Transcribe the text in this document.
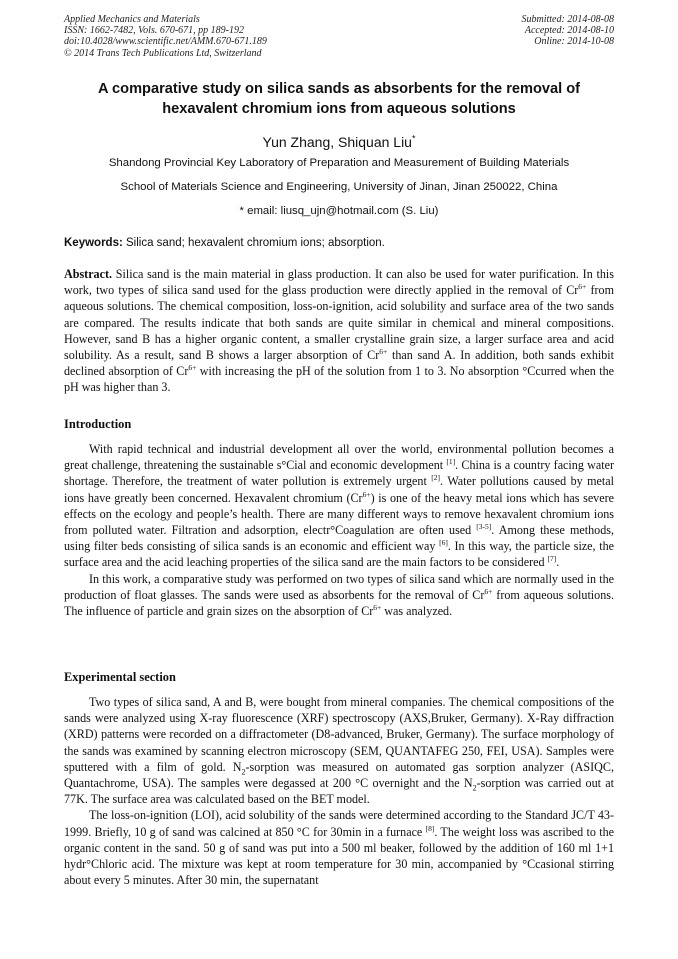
Applied Mechanics and Materials
ISSN: 1662-7482, Vols. 670-671, pp 189-192
doi:10.4028/www.scientific.net/AMM.670-671.189
© 2014 Trans Tech Publications Ltd, Switzerland
Submitted: 2014-08-08
Accepted: 2014-08-10
Online: 2014-10-08
A comparative study on silica sands as absorbents for the removal of
hexavalent chromium ions from aqueous solutions
Yun Zhang, Shiquan Liu*
Shandong Provincial Key Laboratory of Preparation and Measurement of Building Materials
School of Materials Science and Engineering, University of Jinan, Jinan 250022, China
* email: liusq_ujn@hotmail.com (S. Liu)
Keywords: Silica sand; hexavalent chromium ions; absorption.

Abstract. Silica sand is the main material in glass production. It can also be used for water purification. In this work, two types of silica sand used for the glass production were directly applied in the removal of $Cr^{6+}$ from aqueous solutions. The chemical composition, loss-on-ignition, acid solubility and surface area of the two sands are compared. The results indicate that both sands are quite similar in chemical and mineral compositions. However, sand B has a higher organic content, a smaller crystalline grain size, a larger surface area and acid solubility. As a result, sand B shows a larger absorption of $Cr^{6+}$ than sand A. In addition, both sands exhibit declined absorption of $Cr^{6+}$ with increasing the pH of the solution from 1 to 3. No absorption °Ccurred when the pH was higher than 3.

Introduction

With rapid technical and industrial development all over the world, environmental pollution becomes a great challenge, threatening the sustainable s°Cial and economic development [1]. China is a country facing water shortage. Therefore, the treatment of water pollution is extremely urgent [2]. Water pollutions caused by metal ions have greatly been concerned. Hexavalent chromium $(Cr^{6+})$ is one of the heavy metal ions which has severe effects on the ecology and people’s health. There are many different ways to remove hexavalent chromium ions from polluted water. Filtration and adsorption, electr°Coagulation are often used [3-5]. Among these methods, using filter beds consisting of silica sands is an economic and efficient way [6]. In this way, the particle size, the surface area and the acid leaching properties of the silica sand are the main factors to be considered [7].

In this work, a comparative study was performed on two types of silica sand which are normally used in the production of float glasses. The sands were used as absorbents for the removal of $Cr^{6+}$ from aqueous solutions. The influence of particle and grain sizes on the absorption of $Cr^{6+}$ was analyzed.

Experimental section

Two types of silica sand, A and B, were bought from mineral companies. The chemical compositions of the sands were analyzed using X-ray fluorescence (XRF) spectroscopy (AXS,Bruker, Germany). X-Ray diffraction (XRD) patterns were recorded on a diffractometer (D8-advanced, Bruker, Germany). The surface morphology of the sands was examined by scanning electron microscopy (SEM, QUANTAFEG 250, FEI, USA). Samples were sputtered with a film of gold. $N_2$-sorption was measured on automated gas sorption analyzer (ASIQC, Quantachrome, USA). The samples were degassed at 200 °C overnight and the $N_2$-sorption was carried out at 77K. The surface area was calculated based on the BET model.

The loss-on-ignition (LOI), acid solubility of the sands were determined according to the Standard JC/T 43-1999. Briefly, 10 g of sand was calcined at 850 °C for 30min in a furnace [8]. The weight loss was ascribed to the organic content in the sand. 50 g of sand was put into a 500 ml beaker, followed by the addition of 160 ml 1+1 hydr°Chloric acid. The mixture was kept at room temperature for 30 min, accompanied by °Ccasional stirring about every 5 minutes. After 30 min, the supernatant
